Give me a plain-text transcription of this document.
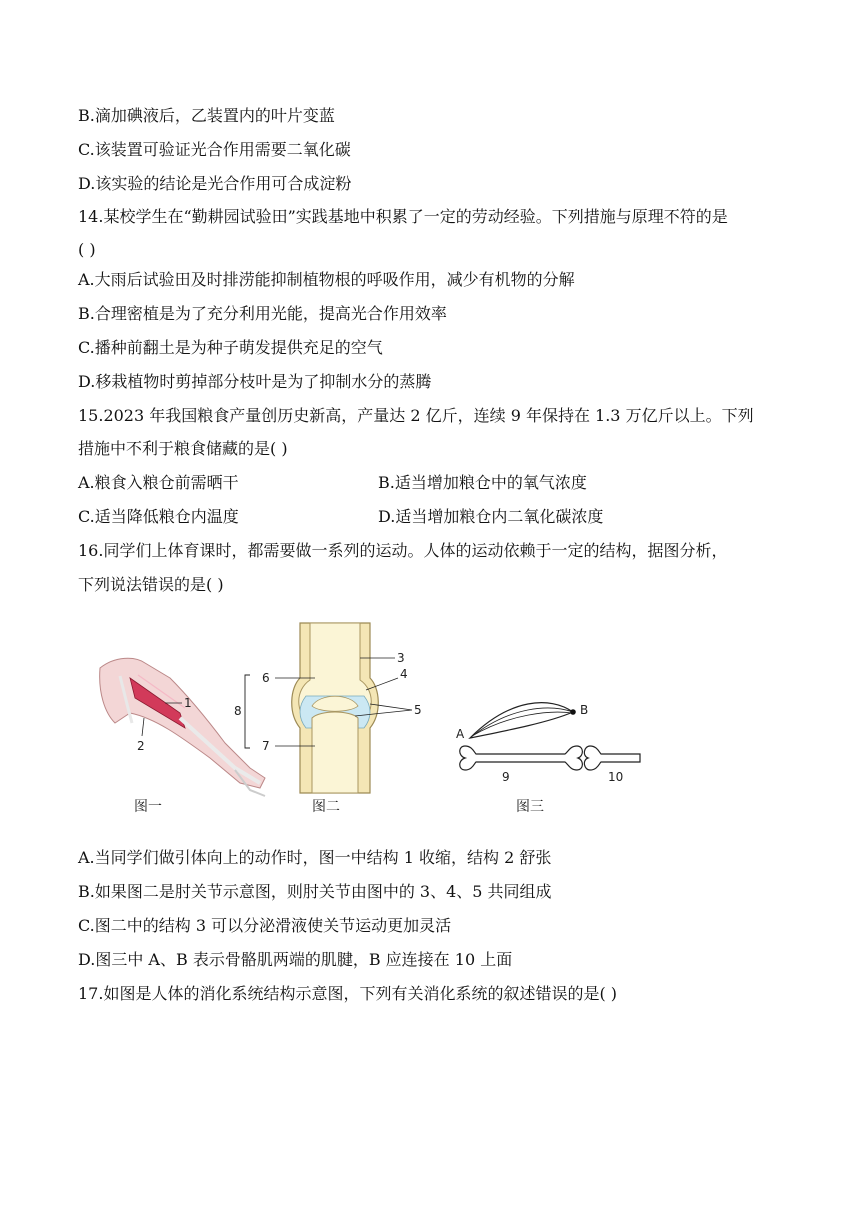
B.滴加碘液后，乙装置内的叶片变蓝
C.该装置可验证光合作用需要二氧化碳
D.该实验的结论是光合作用可合成淀粉
14.某校学生在“勤耕园试验田”实践基地中积累了一定的劳动经验。下列措施与原理不符的是
( )
A.大雨后试验田及时排涝能抑制植物根的呼吸作用，减少有机物的分解
B.合理密植是为了充分利用光能，提高光合作用效率
C.播种前翻土是为种子萌发提供充足的空气
D.移栽植物时剪掉部分枝叶是为了抑制水分的蒸腾
15.2023 年我国粮食产量创历史新高，产量达 2 亿斤，连续 9 年保持在 1.3 万亿斤以上。下列
措施中不利于粮食储藏的是( )
A.粮食入粮仓前需晒干	B.适当增加粮仓中的氧气浓度
C.适当降低粮仓内温度	D.适当增加粮仓内二氧化碳浓度
16.同学们上体育课时，都需要做一系列的运动。人体的运动依赖于一定的结构，据图分析，
下列说法错误的是( )
1
2
图一
3
4
5
6
7
8
图二
B
A
9	10
图三
A.当同学们做引体向上的动作时，图一中结构 1 收缩，结构 2 舒张
B.如果图二是肘关节示意图，则肘关节由图中的 3、4、5 共同组成
C.图二中的结构 3 可以分泌滑液使关节运动更加灵活
D.图三中 A、B 表示骨骼肌两端的肌腱，B 应连接在 10 上面
17.如图是人体的消化系统结构示意图，下列有关消化系统的叙述错误的是( )
